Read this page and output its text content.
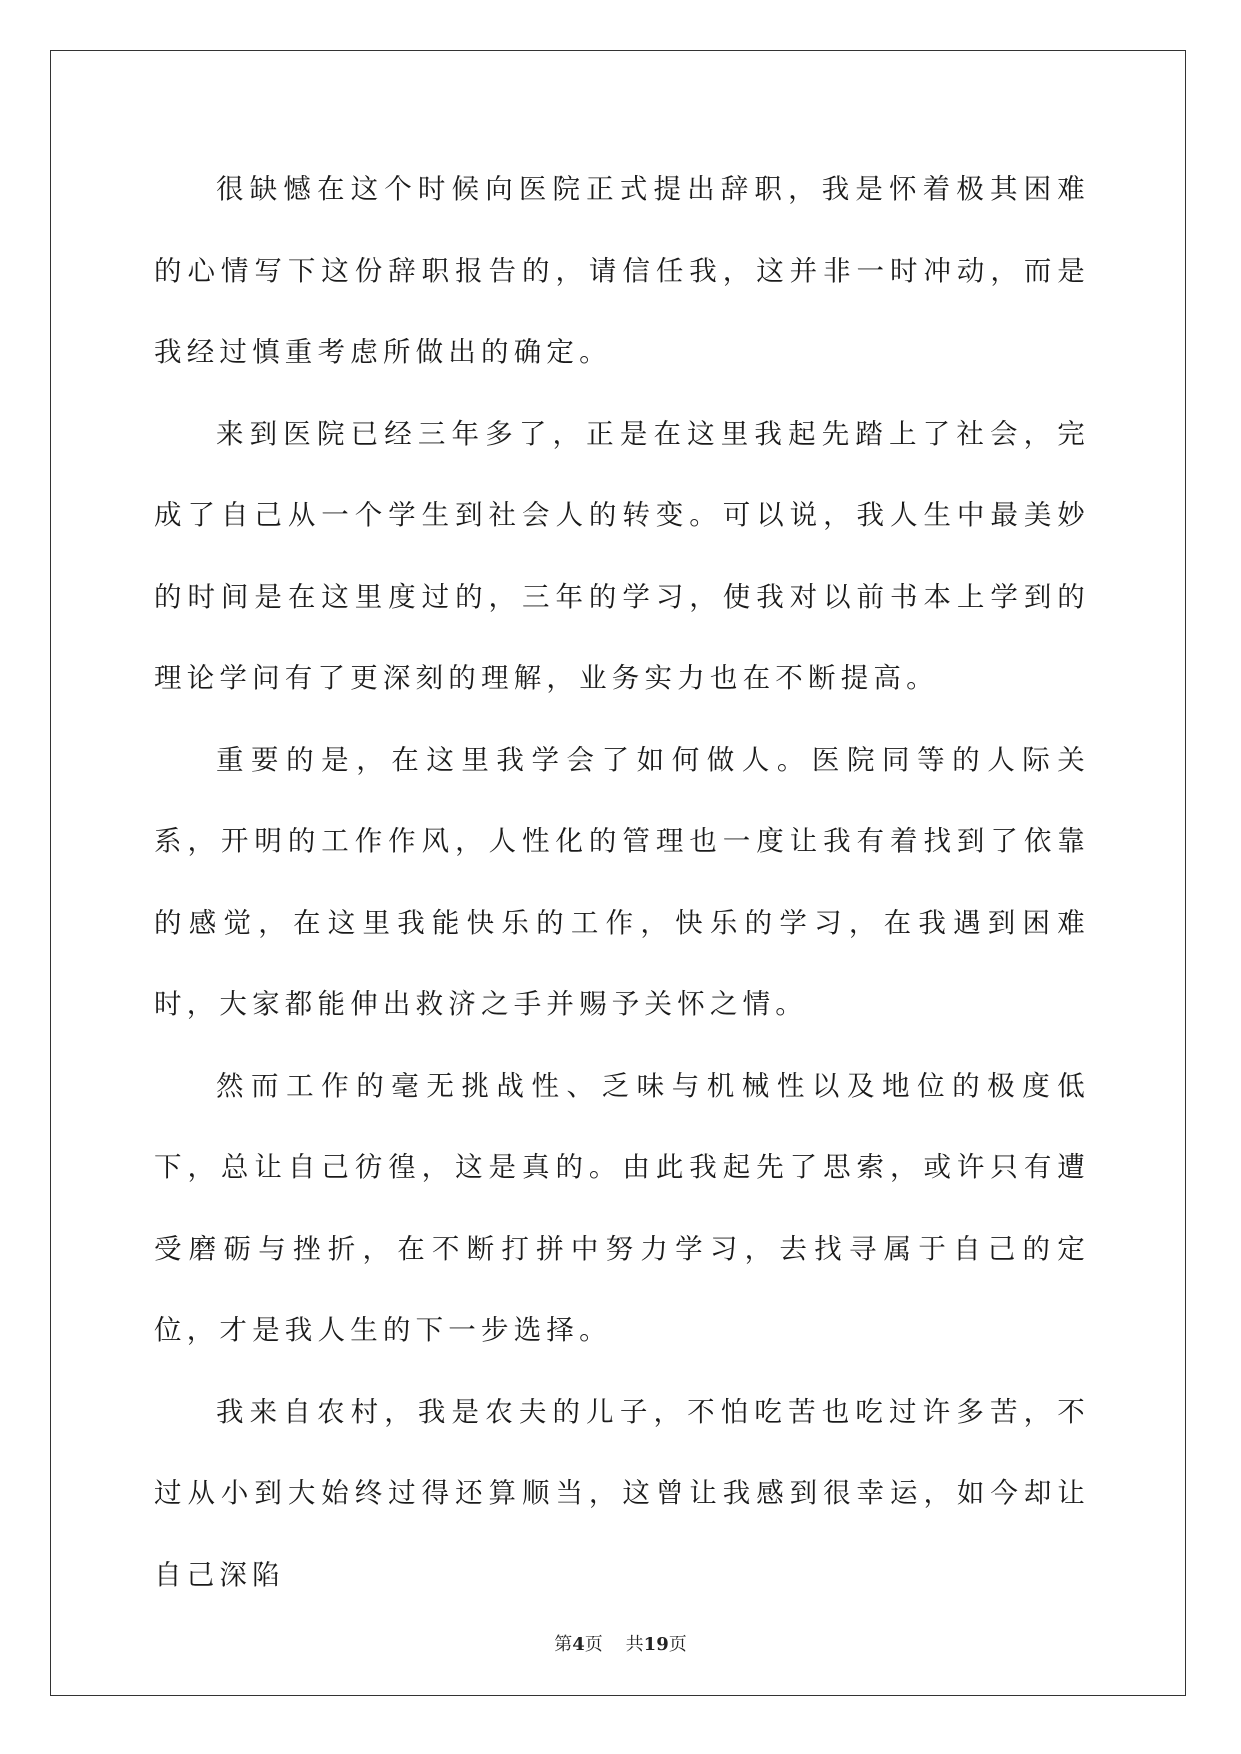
很缺憾在这个时候向医院正式提出辞职，我是怀着极其困难的心情写下这份辞职报告的，请信任我，这并非一时冲动，而是我经过慎重考虑所做出的确定。

来到医院已经三年多了，正是在这里我起先踏上了社会，完成了自己从一个学生到社会人的转变。可以说，我人生中最美妙的时间是在这里度过的，三年的学习，使我对以前书本上学到的理论学问有了更深刻的理解，业务实力也在不断提高。

重要的是，在这里我学会了如何做人。医院同等的人际关系，开明的工作作风，人性化的管理也一度让我有着找到了依靠的感觉，在这里我能快乐的工作，快乐的学习，在我遇到困难时，大家都能伸出救济之手并赐予关怀之情。

然而工作的毫无挑战性、乏味与机械性以及地位的极度低下，总让自己彷徨，这是真的。由此我起先了思索，或许只有遭受磨砺与挫折，在不断打拼中努力学习，去找寻属于自己的定位，才是我人生的下一步选择。

我来自农村，我是农夫的儿子，不怕吃苦也吃过许多苦，不过从小到大始终过得还算顺当，这曾让我感到很幸运，如今却让自己深陷

第4页 共19页
